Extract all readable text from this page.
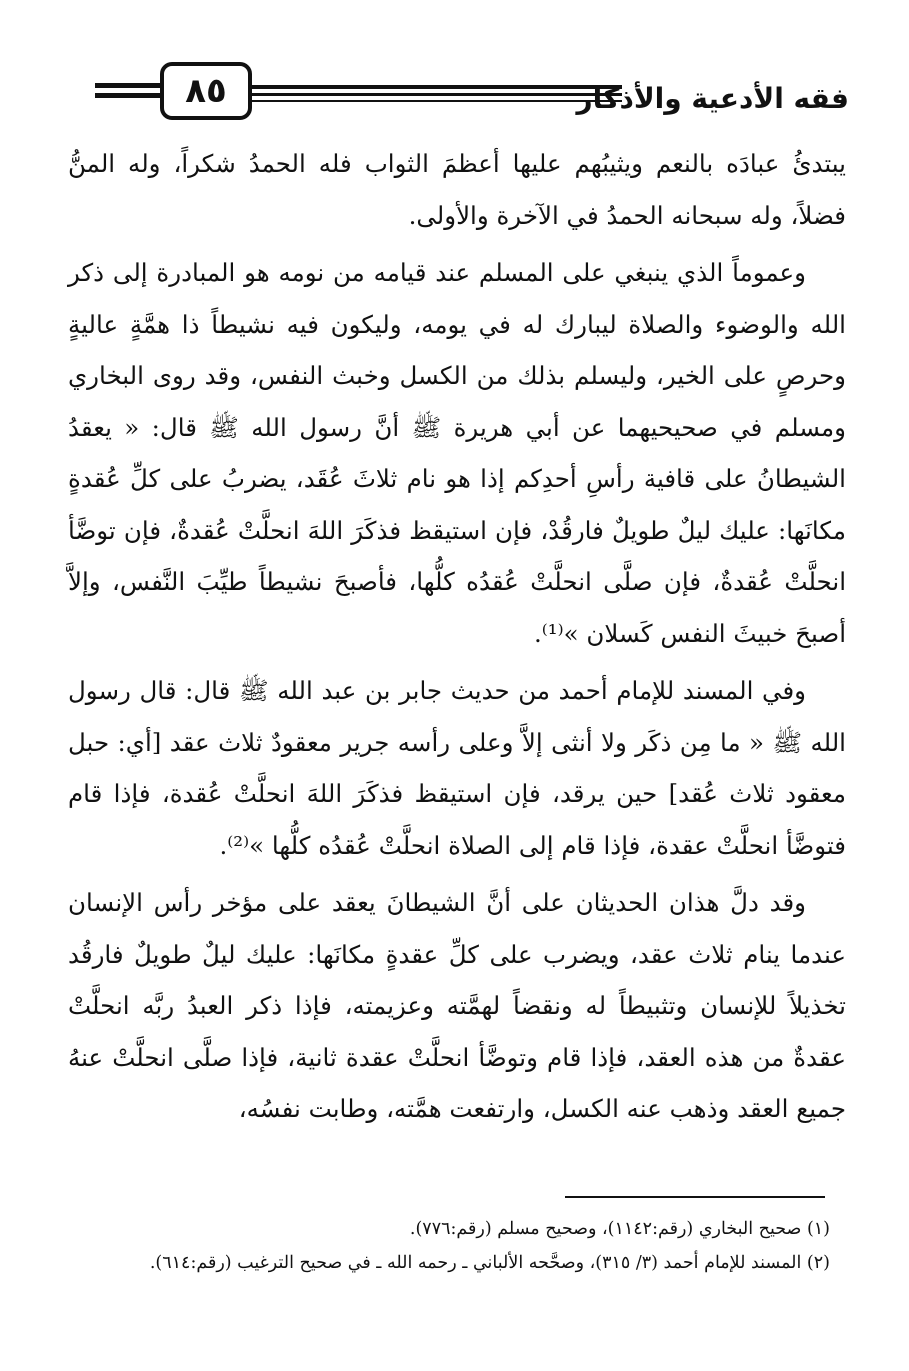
٨٥	فقه الأدعية والأذكار

يبتدئُ عبادَه بالنعم ويثيبُهم عليها أعظمَ الثواب فله الحمدُ شكراً، وله المنُّ فضلاً، وله سبحانه الحمدُ في الآخرة والأولى.

وعموماً الذي ينبغي على المسلم عند قيامه من نومه هو المبادرة إلى ذكر الله والوضوء والصلاة ليبارك له في يومه، وليكون فيه نشيطاً ذا همَّةٍ عاليةٍ وحرصٍ على الخير، وليسلم بذلك من الكسل وخبث النفس، وقد روى البخاري ومسلم في صحيحيهما عن أبي هريرة ﷺ أنَّ رسول الله ﷺ قال: « يعقدُ الشيطانُ على قافية رأسِ أحدِكم إذا هو نام ثلاثَ عُقَد، يضربُ على كلِّ عُقدةٍ مكانَها: عليك ليلٌ طويلٌ فارقُدْ، فإن استيقظ فذكَرَ اللهَ انحلَّتْ عُقدةٌ، فإن توضَّأ انحلَّتْ عُقدةٌ، فإن صلَّى انحلَّتْ عُقدُه كلُّها، فأصبحَ نشيطاً طيِّبَ النَّفس، وإلاَّ أصبحَ خبيثَ النفس كَسلان »⁽¹⁾.

وفي المسند للإمام أحمد من حديث جابر بن عبد الله ﷺ قال: قال رسول الله ﷺ « ما مِن ذكَر ولا أنثى إلاَّ وعلى رأسه جرير معقودٌ ثلاث عقد [أي: حبل معقود ثلاث عُقد] حين يرقد، فإن استيقظ فذكَرَ اللهَ انحلَّتْ عُقدة، فإذا قام فتوضَّأ انحلَّتْ عقدة، فإذا قام إلى الصلاة انحلَّتْ عُقدُه كلُّها »⁽²⁾.

وقد دلَّ هذان الحديثان على أنَّ الشيطانَ يعقد على مؤخر رأس الإنسان عندما ينام ثلاث عقد، ويضرب على كلِّ عقدةٍ مكانَها: عليك ليلٌ طويلٌ فارقُد تخذيلاً للإنسان وتثبيطاً له ونقضاً لهمَّته وعزيمته، فإذا ذكر العبدُ ربَّه انحلَّتْ عقدةٌ من هذه العقد، فإذا قام وتوضَّأ انحلَّتْ عقدة ثانية، فإذا صلَّى انحلَّتْ عنهُ جميع العقد وذهب عنه الكسل، وارتفعت همَّته، وطابت نفسُه،

(١) صحيح البخاري (رقم:١١٤٢)، وصحيح مسلم (رقم:٧٧٦).

(٢) المسند للإمام أحمد (٣/ ٣١٥)، وصحَّحه الألباني ـ رحمه الله ـ في صحيح الترغيب (رقم:٦١٤).
